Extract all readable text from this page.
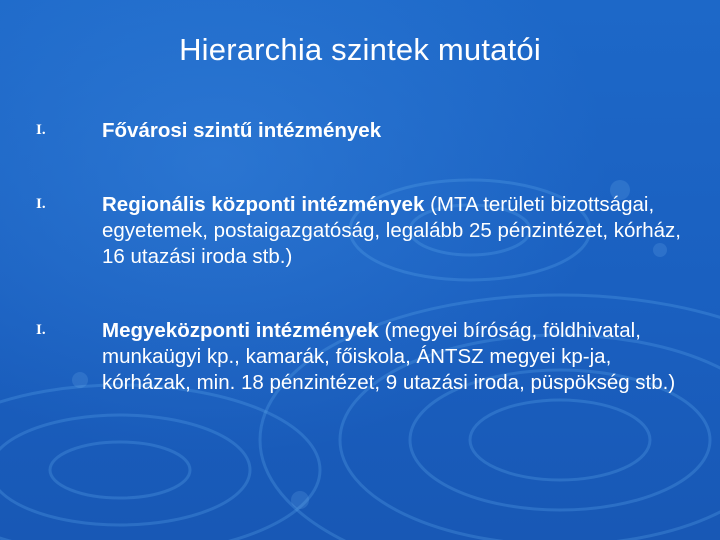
Hierarchia szintek mutatói
I.	Fővárosi szintű intézmények
I.	Regionális központi intézmények (MTA területi bizottságai, egyetemek, postaigazgatóság, legalább 25 pénzintézet, kórház, 16 utazási iroda stb.)
I.	Megyeközponti intézmények (megyei bíróság, földhivatal, munkaügyi kp., kamarák, főiskola, ÁNTSZ megyei kp-ja, kórházak, min. 18 pénzintézet, 9 utazási iroda, püspökség stb.)
